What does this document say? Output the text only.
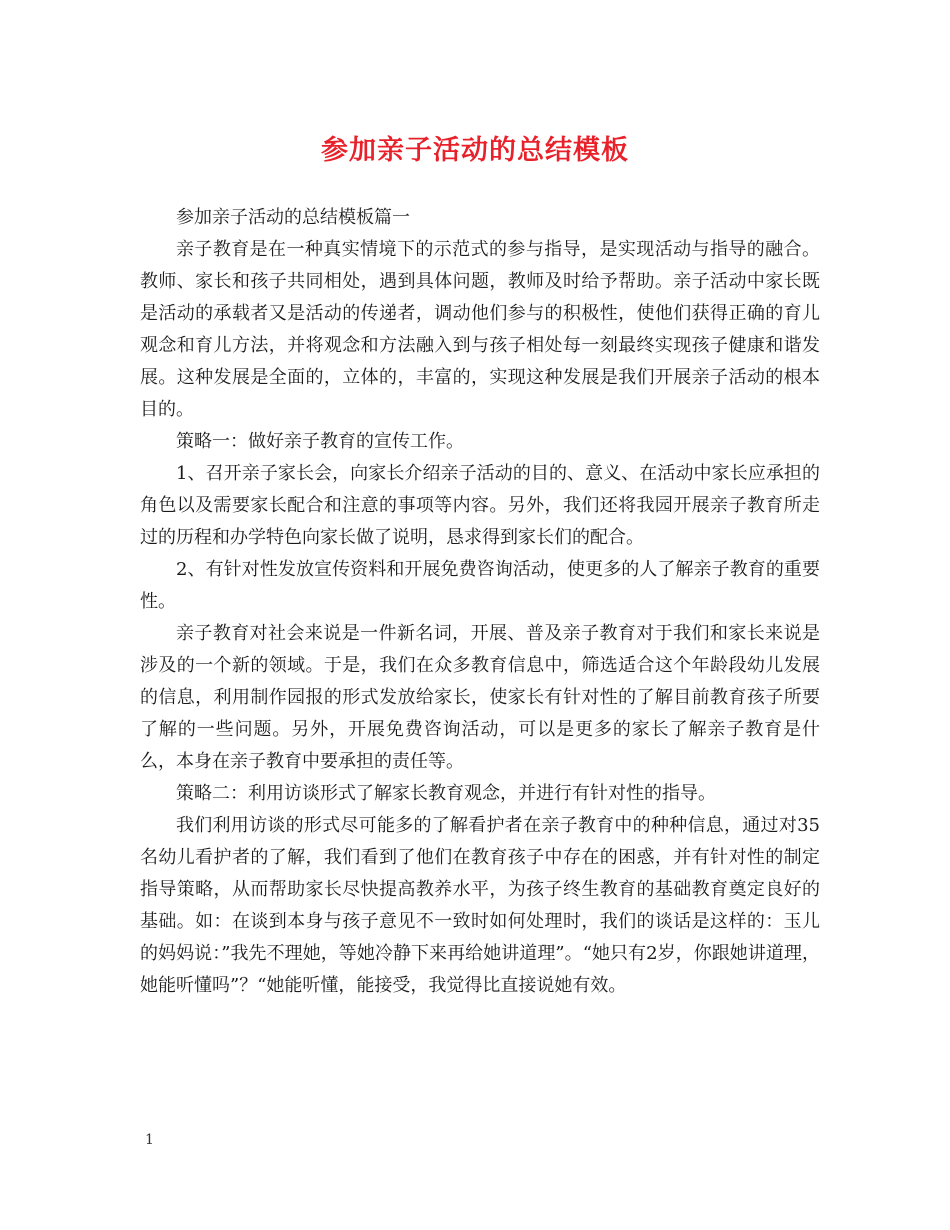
参加亲子活动的总结模板

参加亲子活动的总结模板篇一

亲子教育是在一种真实情境下的示范式的参与指导，是实现活动与指导的融合。教师、家长和孩子共同相处，遇到具体问题，教师及时给予帮助。亲子活动中家长既是活动的承载者又是活动的传递者，调动他们参与的积极性，使他们获得正确的育儿观念和育儿方法，并将观念和方法融入到与孩子相处每一刻最终实现孩子健康和谐发展。这种发展是全面的，立体的，丰富的，实现这种发展是我们开展亲子活动的根本目的。

策略一：做好亲子教育的宣传工作。

1、召开亲子家长会，向家长介绍亲子活动的目的、意义、在活动中家长应承担的角色以及需要家长配合和注意的事项等内容。另外，我们还将我园开展亲子教育所走过的历程和办学特色向家长做了说明，恳求得到家长们的配合。

2、有针对性发放宣传资料和开展免费咨询活动，使更多的人了解亲子教育的重要性。

亲子教育对社会来说是一件新名词，开展、普及亲子教育对于我们和家长来说是涉及的一个新的领域。于是，我们在众多教育信息中，筛选适合这个年龄段幼儿发展的信息，利用制作园报的形式发放给家长，使家长有针对性的了解目前教育孩子所要了解的一些问题。另外，开展免费咨询活动，可以是更多的家长了解亲子教育是什么，本身在亲子教育中要承担的责任等。

策略二：利用访谈形式了解家长教育观念，并进行有针对性的指导。

我们利用访谈的形式尽可能多的了解看护者在亲子教育中的种种信息，通过对35名幼儿看护者的了解，我们看到了他们在教育孩子中存在的困惑，并有针对性的制定指导策略，从而帮助家长尽快提高教养水平，为孩子终生教育的基础教育奠定良好的基础。如：在谈到本身与孩子意见不一致时如何处理时，我们的谈话是这样的：玉儿的妈妈说：”我先不理她，等她冷静下来再给她讲道理”。“她只有2岁，你跟她讲道理，她能听懂吗”？“她能听懂，能接受，我觉得比直接说她有效。

1
